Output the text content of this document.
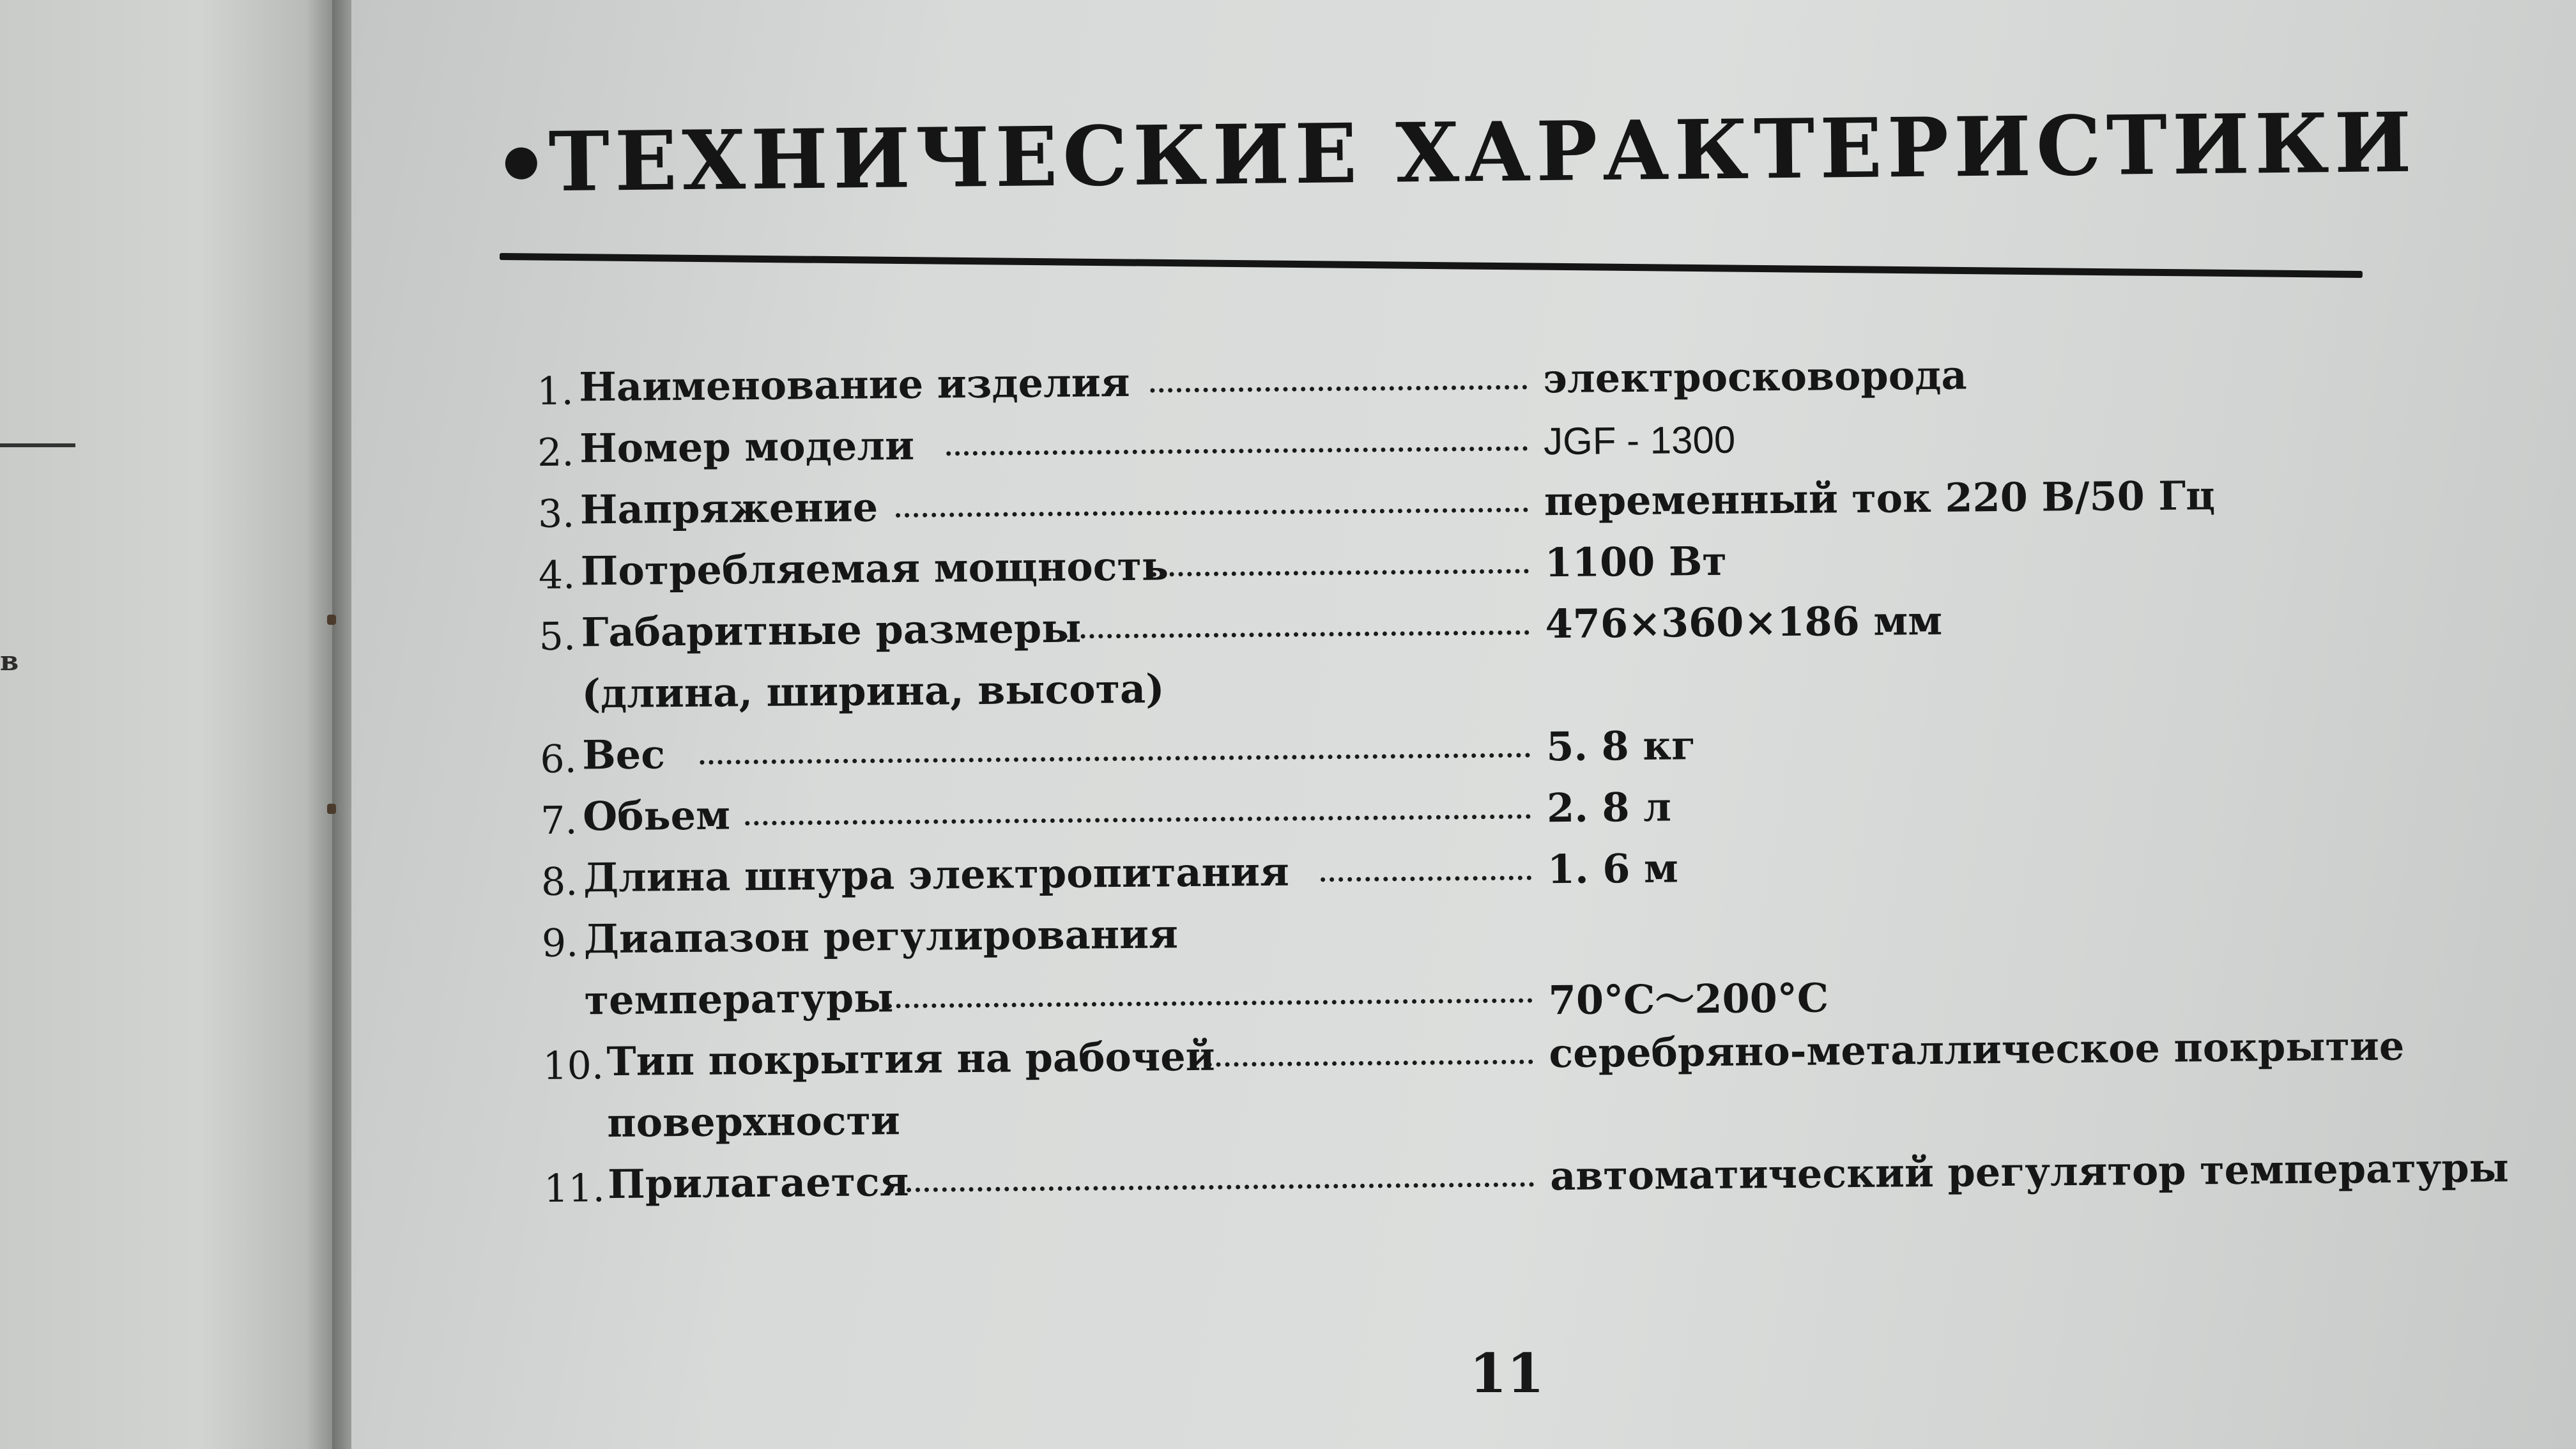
в
ТЕХНИЧЕСКИЕ ХАРАКТЕРИСТИКИ
1. Наименование изделия	электросковорода
2. Номер модели	JGF - 1300
3. Напряжение	переменный ток 220 В/50 Гц
4. Потребляемая мощность	1100 Вт
5. Габаритные размеры	476×360×186 мм
(длина, ширина, высота)
6. Вес	5. 8 кг
7. Обьем	2. 8 л
8. Длина шнура электропитания	1. 6 м
9. Диапазон регулирования
температуры	70°C～200°C
10. Тип покрытия на рабочей	серебряно-металлическое покрытие
поверхности
11. Прилагается	автоматический регулятор температуры
11
